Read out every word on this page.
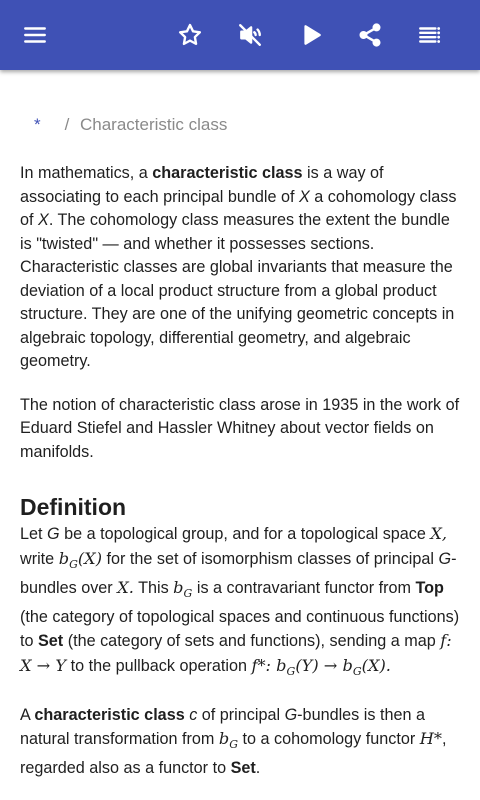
*	/ Characteristic class

In mathematics, a characteristic class is a way of associating to each principal bundle of X a cohomology class of X. The cohomology class measures the extent the bundle is "twisted" — and whether it possesses sections. Characteristic classes are global invariants that measure the deviation of a local product structure from a global product structure. They are one of the unifying geometric concepts in algebraic topology, differential geometry, and algebraic geometry.

The notion of characteristic class arose in 1935 in the work of Eduard Stiefel and Hassler Whitney about vector fields on manifolds.

Definition

Let G be a topological group, and for a topological space X, write $b_G(X)$ for the set of isomorphism classes of principal G-bundles over X. This $b_G$ is a contravariant functor from Top (the category of topological spaces and continuous functions) to Set (the category of sets and functions), sending a map f: X → Y to the pullback operation f*: $b_G(Y) \to b_G(X)$.

A characteristic class c of principal G-bundles is then a natural transformation from $b_G$ to a cohomology functor H*, regarded also as a functor to Set.
